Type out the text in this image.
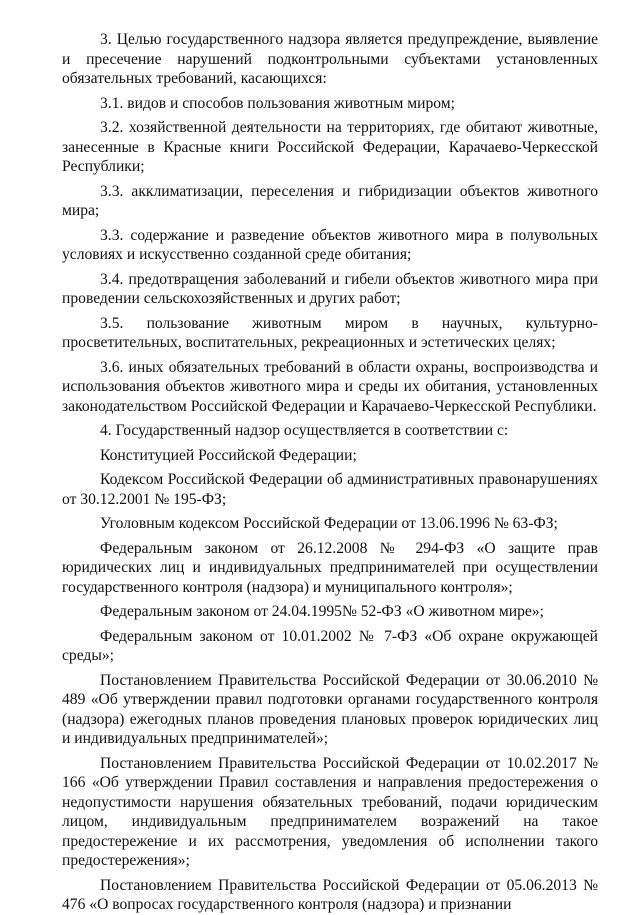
3. Целью государственного надзора является предупреждение, выявление и пресечение нарушений подконтрольными субъектами установленных обязательных требований, касающихся:

3.1. видов и способов пользования животным миром;

3.2. хозяйственной деятельности на территориях, где обитают животные, занесенные в Красные книги Российской Федерации, Карачаево-Черкесской Республики;

3.3. акклиматизации, переселения и гибридизации объектов животного мира;

3.3. содержание и разведение объектов животного мира в полувольных условиях и искусственно созданной среде обитания;

3.4. предотвращения заболеваний и гибели объектов животного мира при проведении сельскохозяйственных и других работ;

3.5. пользование животным миром в научных, культурно-просветительных, воспитательных, рекреационных и эстетических целях;

3.6. иных обязательных требований в области охраны, воспроизводства и использования объектов животного мира и среды их обитания, установленных законодательством Российской Федерации и Карачаево-Черкесской Республики.

4. Государственный надзор осуществляется в соответствии с:

Конституцией Российской Федерации;

Кодексом Российской Федерации об административных правонарушениях от 30.12.2001 № 195-ФЗ;

Уголовным кодексом Российской Федерации от 13.06.1996 № 63-ФЗ;

Федеральным законом от 26.12.2008 № 294-ФЗ «О защите прав юридических лиц и индивидуальных предпринимателей при осуществлении государственного контроля (надзора) и муниципального контроля»;

Федеральным законом от 24.04.1995№ 52-ФЗ «О животном мире»;

Федеральным законом от 10.01.2002 № 7-ФЗ «Об охране окружающей среды»;

Постановлением Правительства Российской Федерации от 30.06.2010 № 489 «Об утверждении правил подготовки органами государственного контроля (надзора) ежегодных планов проведения плановых проверок юридических лиц и индивидуальных предпринимателей»;

Постановлением Правительства Российской Федерации от 10.02.2017 № 166 «Об утверждении Правил составления и направления предостережения о недопустимости нарушения обязательных требований, подачи юридическим лицом, индивидуальным предпринимателем возражений на такое предостережение и их рассмотрения, уведомления об исполнении такого предостережения»;

Постановлением Правительства Российской Федерации от 05.06.2013 № 476 «О вопросах государственного контроля (надзора) и признании
